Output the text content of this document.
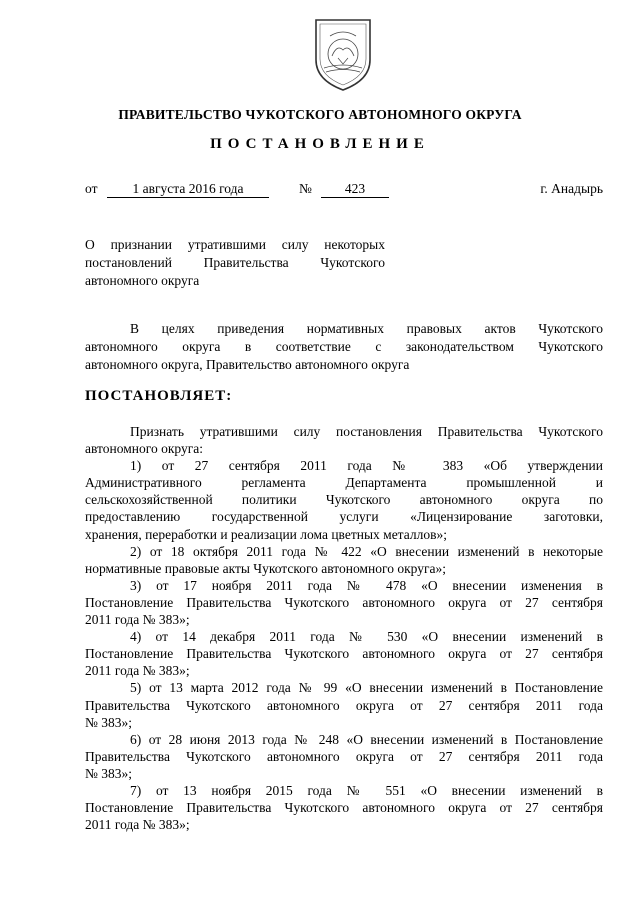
ПРАВИТЕЛЬСТВО ЧУКОТСКОГО АВТОНОМНОГО ОКРУГА
ПОСТАНОВЛЕНИЕ
от	1 августа 2016 года	№	423	г. Анадырь
О признании утратившими силу некоторых
постановлений Правительства Чукотского
автономного округа

В целях приведения нормативных правовых актов Чукотского

автономного округа в соответствие с законодательством Чукотского

автономного округа, Правительство автономного округа

ПОСТАНОВЛЯЕТ:
Признать утратившими силу постановления Правительства Чукотского
автономного округа:
1) от 27 сентября 2011 года № 383 «Об утверждении
Административного регламента Департамента промышленной и
сельскохозяйственной политики Чукотского автономного округа по
предоставлению государственной услуги «Лицензирование заготовки,
хранения, переработки и реализации лома цветных металлов»;
2) от 18 октября 2011 года № 422 «О внесении изменений в некоторые
нормативные правовые акты Чукотского автономного округа»;
3) от 17 ноября 2011 года № 478 «О внесении изменения в
Постановление Правительства Чукотского автономного округа от 27 сентября
2011 года № 383»;
4) от 14 декабря 2011 года № 530 «О внесении изменений в
Постановление Правительства Чукотского автономного округа от 27 сентября
2011 года № 383»;
5) от 13 марта 2012 года № 99 «О внесении изменений в Постановление
Правительства Чукотского автономного округа от 27 сентября 2011 года
№ 383»;
6) от 28 июня 2013 года № 248 «О внесении изменений в Постановление
Правительства Чукотского автономного округа от 27 сентября 2011 года
№ 383»;
7) от 13 ноября 2015 года № 551 «О внесении изменений в
Постановление Правительства Чукотского автономного округа от 27 сентября
2011 года № 383»;
